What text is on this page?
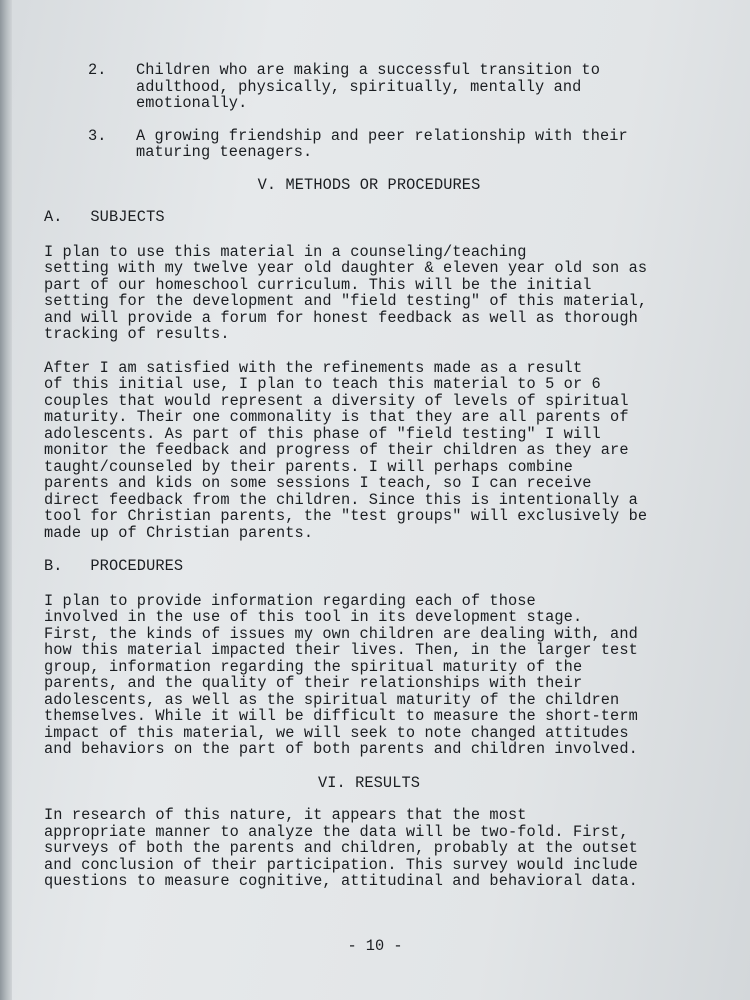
2.	Children who are making a successful transition to
adulthood, physically, spiritually, mentally and
emotionally.
3.	A growing friendship and peer relationship with their
maturing teenagers.
V. METHODS OR PROCEDURES
A.   SUBJECTS
I plan to use this material in a counseling/teaching
setting with my twelve year old daughter & eleven year old son as
part of our homeschool curriculum. This will be the initial
setting for the development and "field testing" of this material,
and will provide a forum for honest feedback as well as thorough
tracking of results.
After I am satisfied with the refinements made as a result
of this initial use, I plan to teach this material to 5 or 6
couples that would represent a diversity of levels of spiritual
maturity. Their one commonality is that they are all parents of
adolescents. As part of this phase of "field testing" I will
monitor the feedback and progress of their children as they are
taught/counseled by their parents. I will perhaps combine
parents and kids on some sessions I teach, so I can receive
direct feedback from the children. Since this is intentionally a
tool for Christian parents, the "test groups" will exclusively be
made up of Christian parents.
B.   PROCEDURES
I plan to provide information regarding each of those
involved in the use of this tool in its development stage.
First, the kinds of issues my own children are dealing with, and
how this material impacted their lives. Then, in the larger test
group, information regarding the spiritual maturity of the
parents, and the quality of their relationships with their
adolescents, as well as the spiritual maturity of the children
themselves. While it will be difficult to measure the short-term
impact of this material, we will seek to note changed attitudes
and behaviors on the part of both parents and children involved.
VI. RESULTS
In research of this nature, it appears that the most
appropriate manner to analyze the data will be two-fold. First,
surveys of both the parents and children, probably at the outset
and conclusion of their participation. This survey would include
questions to measure cognitive, attitudinal and behavioral data.
- 10 -
